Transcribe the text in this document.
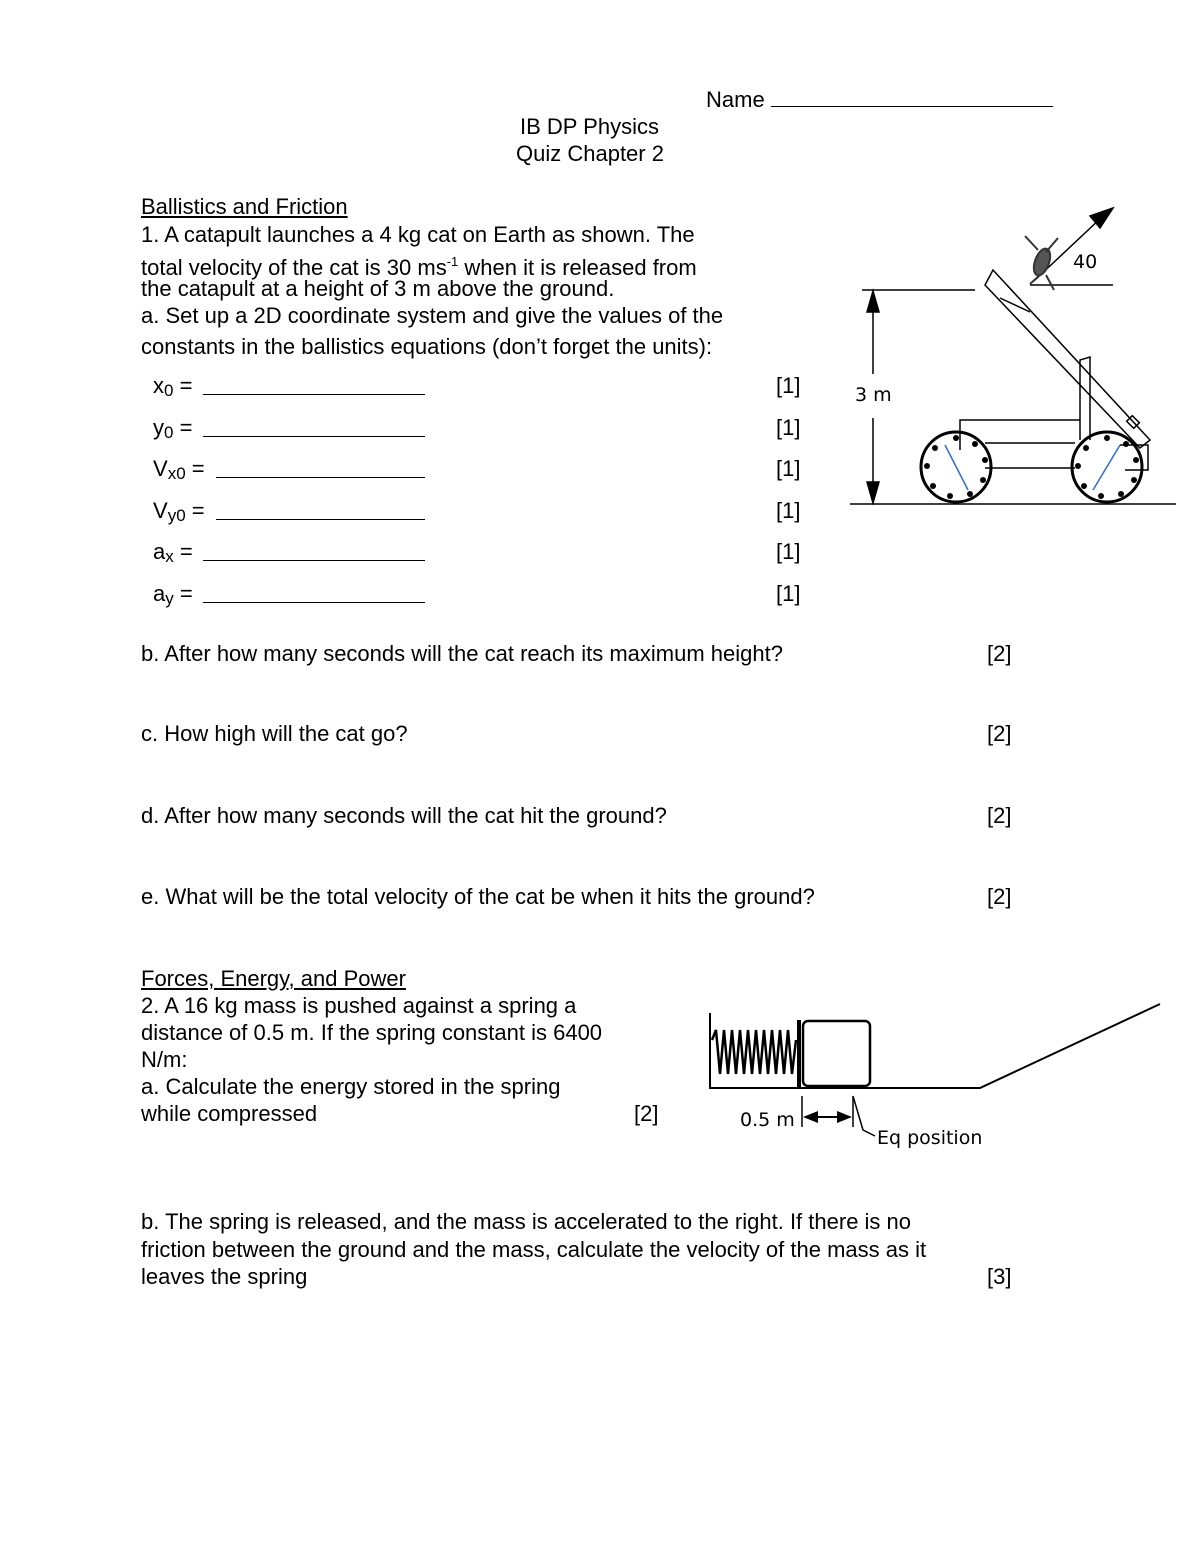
Name
IB DP Physics
Quiz Chapter 2
Ballistics and Friction
1. A catapult launches a 4 kg cat on Earth as shown. The
total velocity of the cat is 30 $ms^{-1}$ when it is released from
the catapult at a height of 3 m above the ground.
a. Set up a 2D coordinate system and give the values of the
constants in the ballistics equations (don’t forget the units):
x0 =	[1]
y0 =	[1]
Vx0 =	[1]
Vy0 =	[1]
ax =	[1]
ay =	[1]
b. After how many seconds will the cat reach its maximum height?	[2]
c. How high will the cat go?	[2]
d. After how many seconds will the cat hit the ground?	[2]
e. What will be the total velocity of the cat be when it hits the ground?	[2]
40
3 m
Forces, Energy, and Power
2. A 16 kg mass is pushed against a spring a
distance of 0.5 m. If the spring constant is 6400
N/m:
a. Calculate the energy stored in the spring
while compressed	[2]	0.5 m
Eq position
b. The spring is released, and the mass is accelerated to the right. If there is no
friction between the ground and the mass, calculate the velocity of the mass as it
leaves the spring	[3]
